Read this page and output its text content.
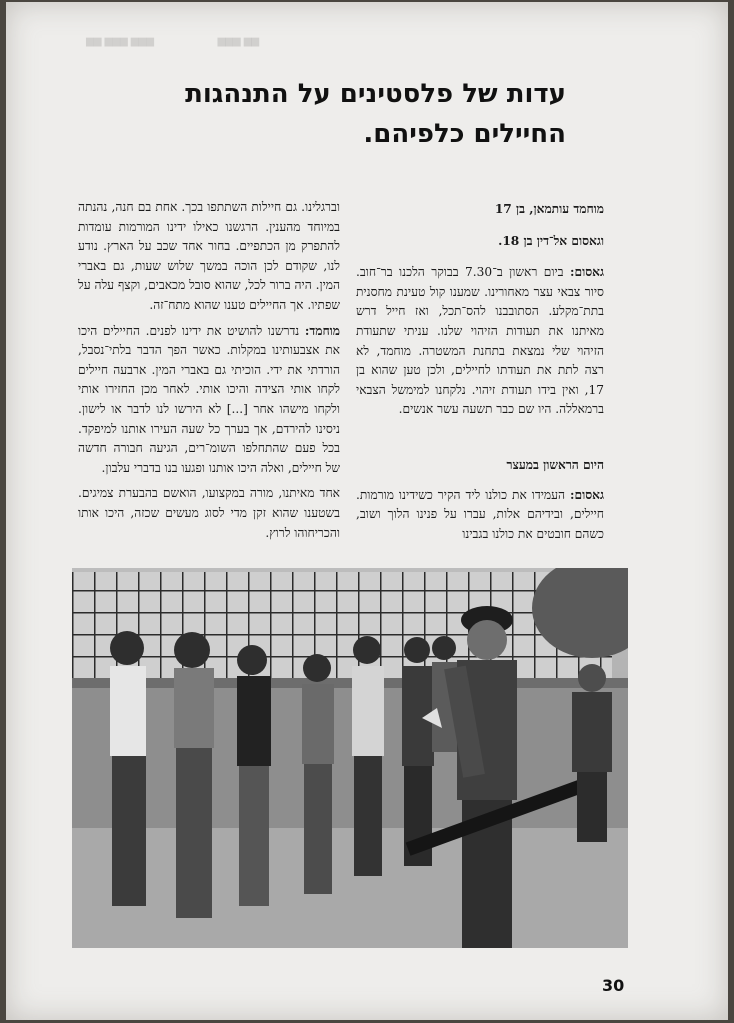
▆▆ ▆▆▆ ▆▆▆                    ▆▆▆ ▆▆
עדות של פלסטינים על התנהגות החיילים כלפיהם.
מוחמד עותמאן, בן 17
וגאסום אל־דין בן 18.

גאסום: ביום ראשון ב־7.30 בבוקר הלכנו בר־חוב. סיור צבאי עצר מאחורינו. שמענו קול טעינת מחסנית בתת־מקלע. הסתובבנו להס־תכל, ואז חייל דרש מאיתנו את תעודות הזיהוי שלנו. עניתי שתעודת הזיהוי שלי נמצאת בתחנת המשטרה. מוחמד, לא רצה לתת את תעודתו לחיילים, ולכן טען שהוא בן 17, ואין בידו תעודת זיהוי. נלקחנו למימשל הצבאי ברמאללה. היו שם כבר תשעה עשר אנשים.

היום הראשון במעצר

גאסום: העמידו את כולנו ליד הקיר כשידינו מורמות. חיילים, ובידיהם אלות, עברו על פנינו הלוך ושוב, כשהם חובטים את כולנו בגבינו

וברגלינו. גם חיילות השתתפו בכך. אחת בם חנה, נהנתה במיוחד מהענין. הרגשנו כאילו ידינו המורמות עומדות להתפרק מן הכתפיים. בחור אחד שכב על הארץ. נודע לנו, שקודם לכן הוכה במשך שלוש שעות, גם באברי המין. היה ברור לכל, שהוא סובל מכאבים, וקצף עלה על שפתיו. אך החיילים טענו שהוא מתח־זה.

מוחמד: נדרשנו להושיט את ידינו לפנים. החיילים היכו את אצבעותינו במקלות. כאשר הפך הדבר בלתי־נסבל, הורדתי את ידי. הוכיתי גם באברי המין. ארבעה חיילים לקחו אותי הצידה והיכו אותי. לאחר מכן החזירו אותי ולקחו מישהו אחר [...] לא הירשו לנו לדבר או לישון. ניסינו להירדם, אך בערך כל שעה העירו אותנו למיפקד. בכל פעם שהתחלפו השומ־רים, הגיעה חבורה חדשה של חיילים, ואלה היכו אותנו ופגעו בנו בדברי עלבון.

אחד מאיתנו, מורה במקצועו, הואשם בהבערת צמיגים. בשטענו שהוא זקן מדי לסוג מעשים שכזה, היכו אותו והכריחוהו לרוץ.

30
